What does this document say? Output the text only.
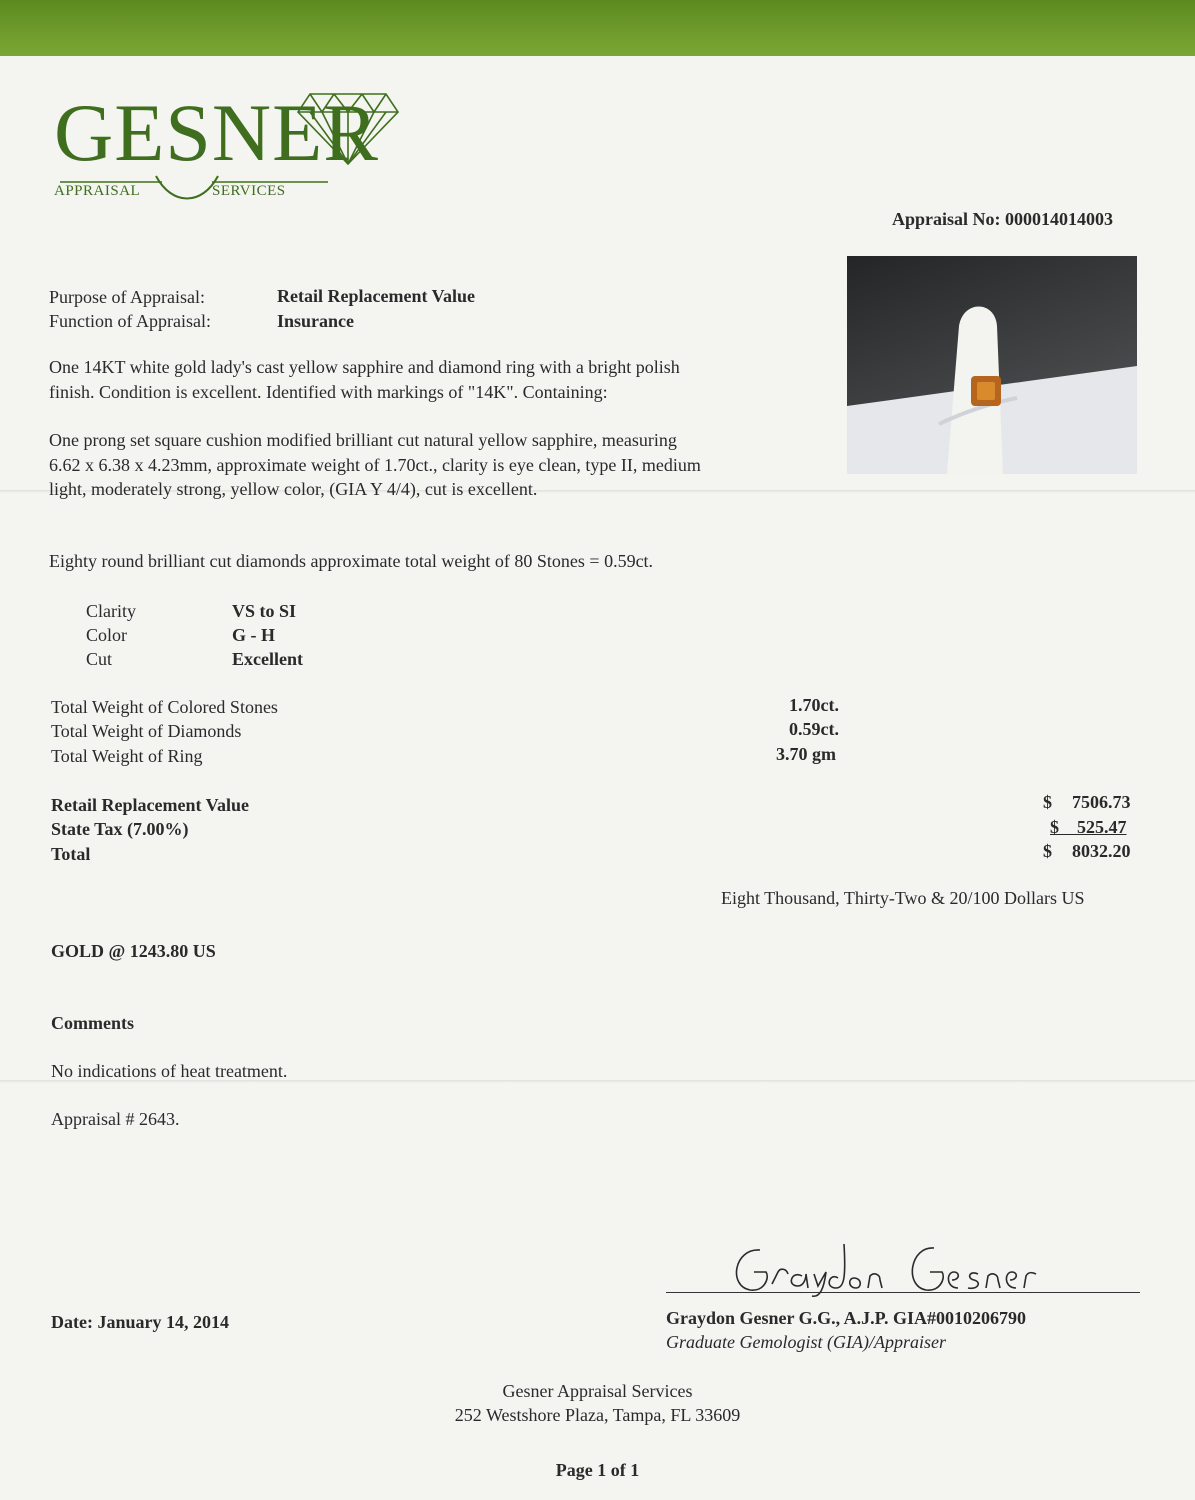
GESNER
APPRAISAL	SERVICES
Appraisal No: 000014014003
Purpose of Appraisal:	Retail Replacement Value
Function of Appraisal:	Insurance
One 14KT white gold lady's cast yellow sapphire and diamond ring with a bright polish
finish. Condition is excellent. Identified with markings of "14K". Containing:
One prong set square cushion modified brilliant cut natural yellow sapphire, measuring
6.62 x 6.38 x 4.23mm, approximate weight of 1.70ct., clarity is eye clean, type II, medium
light, moderately strong, yellow color, (GIA Y 4/4), cut is excellent.
Eighty round brilliant cut diamonds approximate total weight of 80 Stones = 0.59ct.
Clarity	VS to SI
Color	G - H
Cut	Excellent
Total Weight of Colored Stones	1.70ct.
Total Weight of Diamonds	0.59ct.
Total Weight of Ring	3.70 gm
Retail Replacement Value	$ 7506.73
State Tax (7.00%)	$ 525.47
Total	$ 8032.20
Eight Thousand, Thirty-Two & 20/100 Dollars US
GOLD @ 1243.80 US
Comments
No indications of heat treatment.
Appraisal # 2643.
Date: January 14, 2014	Graydon Gesner G.G., A.J.P. GIA#0010206790
Graduate Gemologist (GIA)/Appraiser
Gesner Appraisal Services
252 Westshore Plaza, Tampa, FL 33609
Page 1 of 1
